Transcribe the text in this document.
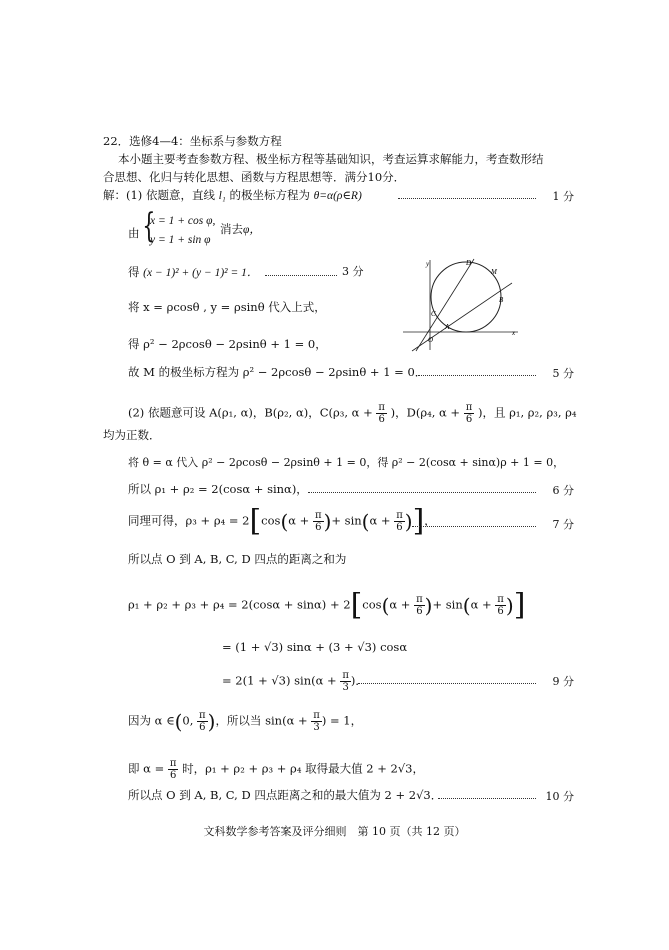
22．选修4—4：坐标系与参数方程
本小题主要考查参数方程、极坐标方程等基础知识，考查运算求解能力，考查数形结
合思想、化归与转化思想、函数与方程思想等．满分10分．
解：(1) 依题意，直线 l₁ 的极坐标方程为 θ=α(ρ∈R)	1 分
由 {
x = 1 + cos φ,
y = 1 + sin φ
消去φ，
得 (x − 1)² + (y − 1)² = 1．	3 分
将 x = ρcosθ , y = ρsinθ 代入上式，
得 ρ² − 2ρcosθ − 2ρsinθ + 1 = 0，
故 M 的极坐标方程为 ρ² − 2ρcosθ − 2ρsinθ + 1 = 0．	5 分
y
x
O
A
B
C
D
M
(2) 依题意可设 A(ρ₁, α)，B(ρ₂, α)，C(ρ₃, $\alpha + \frac{\pi}{6}$ )，D(ρ₄, $\alpha + \frac{\pi}{6}$ )，且 ρ₁, ρ₂, ρ₃, ρ₄
均为正数．
将 θ = α 代入 ρ² − 2ρcosθ − 2ρsinθ + 1 = 0，得 ρ² − 2(cosα + sinα)ρ + 1 = 0，
所以 ρ₁ + ρ₂ = 2(cosα + sinα)，	6 分
同理可得，$\rho_3 + \rho_4 = 2[\cos(\alpha + \frac{\pi}{6}$ )+ $\sin(\alpha + \frac{\pi}{6}$ )]，	7 分
所以点 O 到 A, B, C, D 四点的距离之和为
$\rho_1 + \rho_2 + \rho_3 + \rho_4 = 2(\cos\alpha + \sin\alpha) + 2[\cos(\alpha + \frac{\pi}{6}$ )+ $\sin(\alpha + \frac{\pi}{6}$ )]
= (1 + √3) sinα + (3 + √3) cosα
= 2(1 + √3) $\sin(\alpha + \frac{\pi}{3}$ )．	9 分
因为 α ∈(0, $\frac{\pi}{6}$ )，所以当 $\sin(\alpha + \frac{\pi}{3}$ ) = 1，
即 $\alpha = \frac{\pi}{6}$ 时，ρ₁ + ρ₂ + ρ₃ + ρ₄ 取得最大值 2 + 2√3，
所以点 O 到 A, B, C, D 四点距离之和的最大值为 2 + 2√3．	10 分
文科数学参考答案及评分细则　第 10 页（共 12 页）
